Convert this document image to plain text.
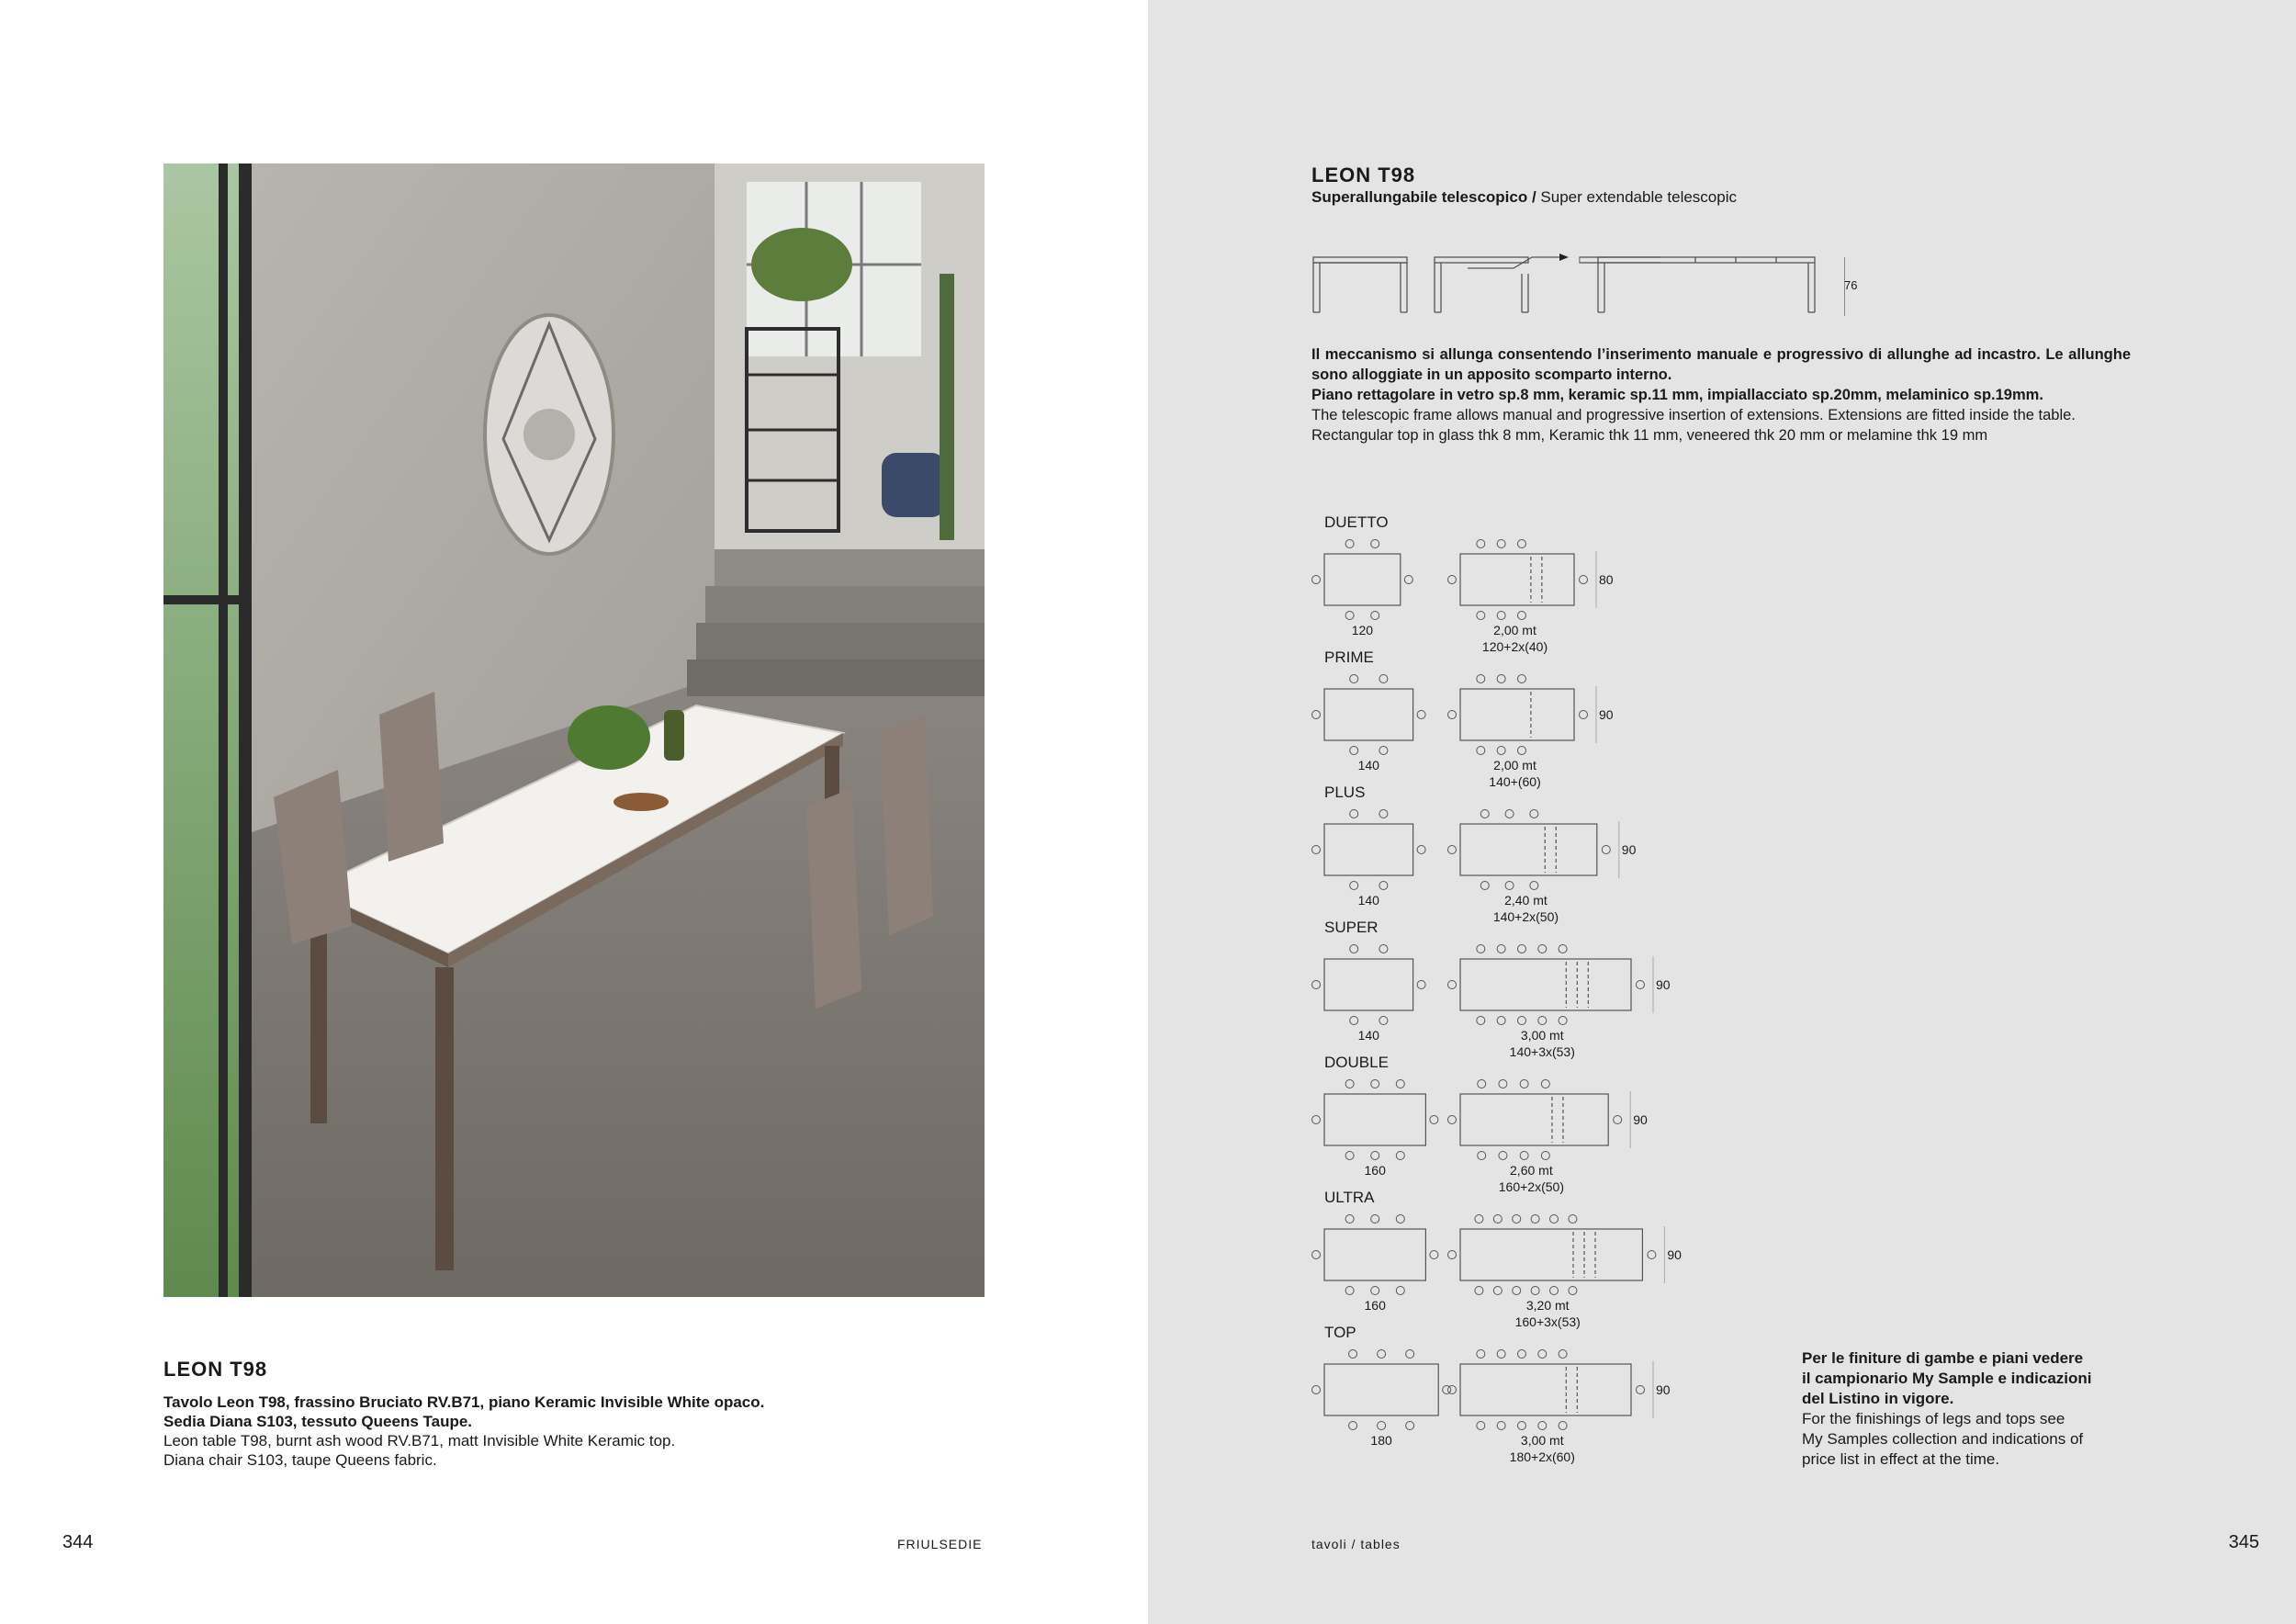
LEON T98
Tavolo Leon T98, frassino Bruciato RV.B71, piano Keramic Invisible White opaco.
Sedia Diana S103, tessuto Queens Taupe.
Leon table T98, burnt ash wood RV.B71, matt Invisible White Keramic top.
Diana chair S103, taupe Queens fabric.
344	FRIULSEDIE
LEON T98
Superallungabile telescopico / Super extendable telescopic
76

Il meccanismo si allunga consentendo l’inserimento manuale e progressivo di allunghe ad incastro. Le allunghe sono alloggiate in un apposito scomparto interno.

Piano rettagolare in vetro sp.8 mm, keramic sp.11 mm, impiallacciato sp.20mm, melaminico sp.19mm.

The telescopic frame allows manual and progressive insertion of extensions. Extensions are fitted inside the table.

Rectangular top in glass thk 8 mm, Keramic thk 11 mm, veneered thk 20 mm or melamine thk 19 mm

DUETTO
120	2,00 mt
120+2x(40)
80
PRIME
140	2,00 mt
140+(60)
90
PLUS
140	2,40 mt
140+2x(50)
90
SUPER
140	3,00 mt
140+3x(53)
90
DOUBLE
160	2,60 mt
160+2x(50)
90
ULTRA
160	3,20 mt
160+3x(53)
90
TOP
180	3,00 mt
180+2x(60)
90
Per le finiture di gambe e piani vedere
il campionario My Sample e indicazioni
del Listino in vigore.
For the finishings of legs and tops see
My Samples collection and indications of
price list in effect at the time.
tavoli / tables	345
